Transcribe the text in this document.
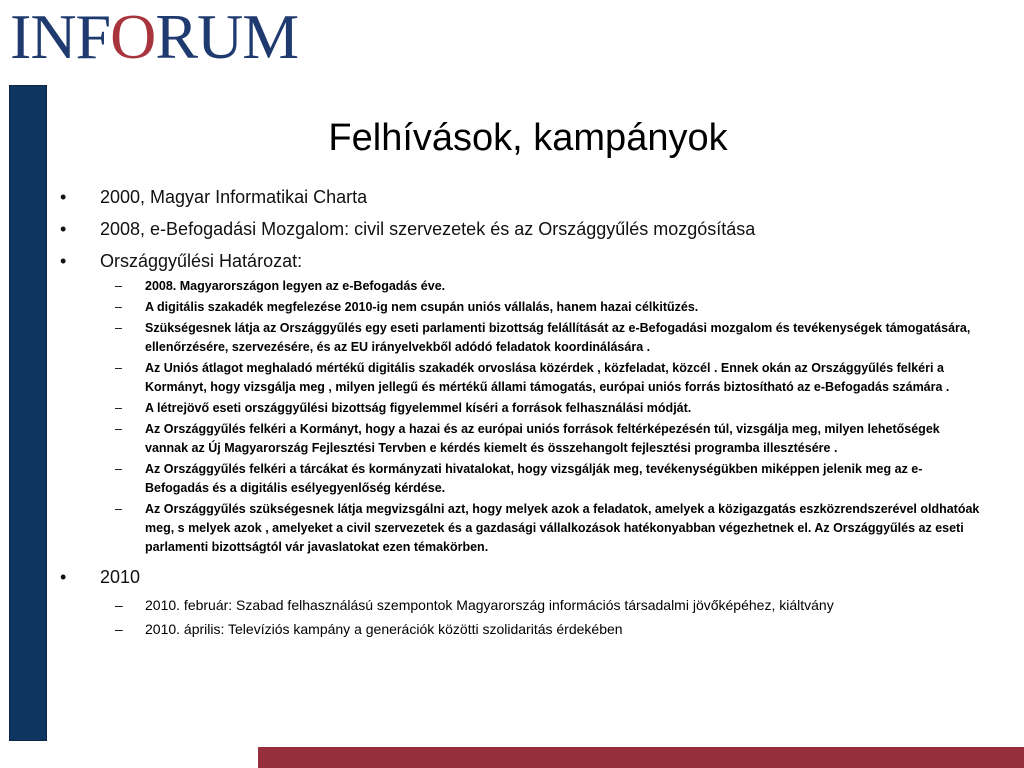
INFORUM
Felhívások, kampányok
•	2000, Magyar Informatikai Charta
•	2008, e-Befogadási Mozgalom: civil szervezetek és az Országgyűlés mozgósítása
•	Országgyűlési Határozat:
– 2008. Magyarországon legyen az e-Befogadás éve.
– A digitális szakadék megfelezése 2010-ig nem csupán uniós vállalás, hanem hazai célkitűzés.
– Szükségesnek látja az Országgyűlés egy eseti parlamenti bizottság felállítását az e-Befogadási mozgalom és tevékenységek támogatására, ellenőrzésére, szervezésére, és az EU irányelvekből adódó feladatok koordinálására .
– Az Uniós átlagot meghaladó mértékű digitális szakadék orvoslása közérdek , közfeladat, közcél . Ennek okán az Országgyűlés felkéri a Kormányt, hogy vizsgálja meg , milyen jellegű és mértékű állami támogatás, európai uniós forrás biztosítható az e-Befogadás számára .
– A létrejövő eseti országgyűlési bizottság figyelemmel kíséri a források felhasználási módját.
– Az Országgyűlés felkéri a Kormányt, hogy a hazai és az európai uniós források feltérképezésén túl, vizsgálja meg, milyen lehetőségek vannak az Új Magyarország Fejlesztési Tervben e kérdés kiemelt és összehangolt fejlesztési programba illesztésére .
– Az Országgyűlés felkéri a tárcákat és kormányzati hivatalokat, hogy vizsgálják meg, tevékenységükben miképpen jelenik meg az e-Befogadás és a digitális esélyegyenlőség kérdése.
– Az Országgyűlés szükségesnek látja megvizsgálni azt, hogy melyek azok a feladatok, amelyek a közigazgatás eszközrendszerével oldhatóak meg, s melyek azok , amelyeket a civil szervezetek és a gazdasági vállalkozások hatékonyabban végezhetnek el. Az Országgyűlés az eseti parlamenti bizottságtól vár javaslatokat ezen témakörben.
•	2010
– 2010. február: Szabad felhasználású szempontok Magyarország információs társadalmi jövőképéhez, kiáltvány
– 2010. április: Televíziós kampány a generációk közötti szolidaritás érdekében
